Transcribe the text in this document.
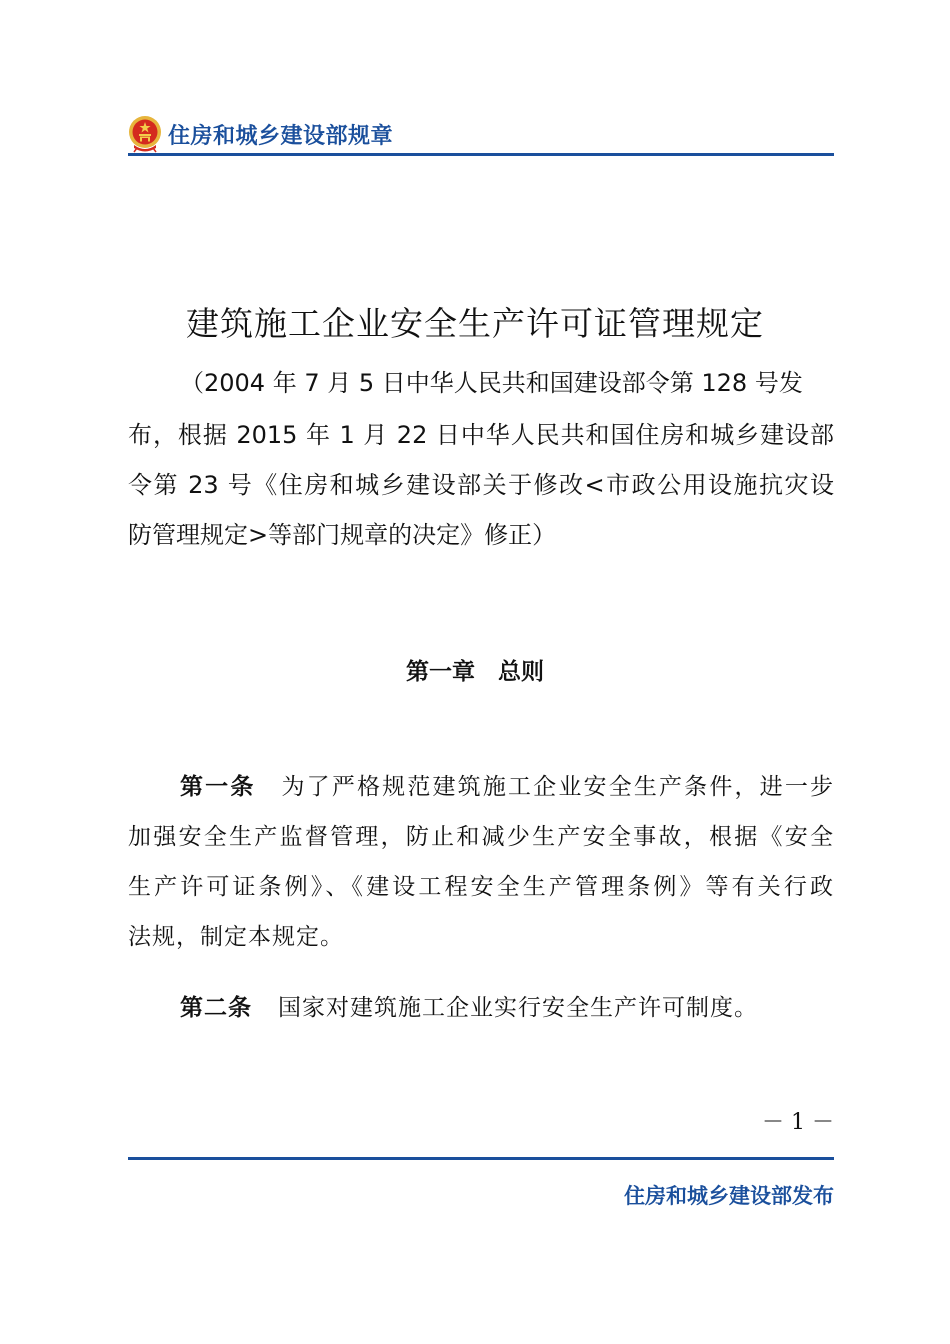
住房和城乡建设部规章
建筑施工企业安全生产许可证管理规定
（2004 年 7 月 5 日中华人民共和国建设部令第 128 号发
布，根据 2015 年 1 月 22 日中华人民共和国住房和城乡建设部
令第 23 号《住房和城乡建设部关于修改<市政公用设施抗灾设
防管理规定>等部门规章的决定》修正）
第一章　总则
第一条 为了严格规范建筑施工企业安全生产条件，进一步
加强安全生产监督管理，防止和减少生产安全事故，根据《安全
生产许可证条例》、《建设工程安全生产管理条例》等有关行政
法规，制定本规定。
第二条 国家对建筑施工企业实行安全生产许可制度。
－ 1 －
住房和城乡建设部发布
